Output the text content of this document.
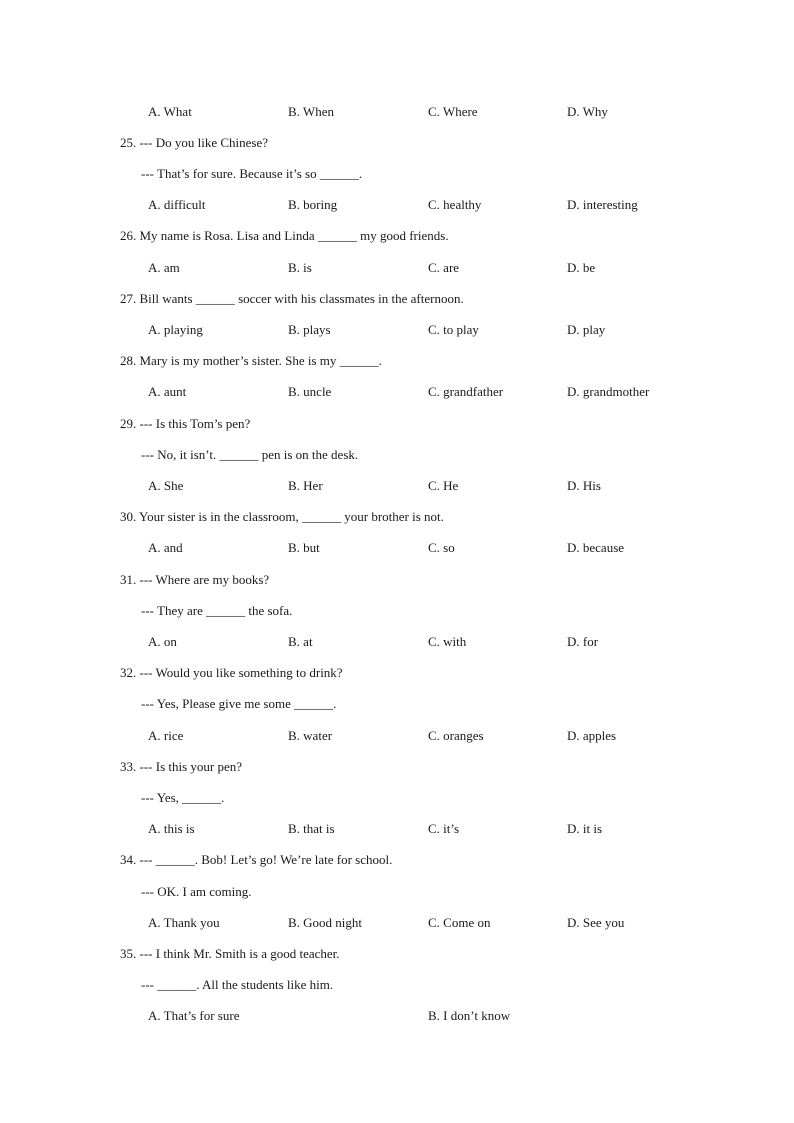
A. What	B. When	C. Where	D. Why
25. --- Do you like Chinese?
--- That’s for sure. Because it’s so ______.
A. difficult	B. boring	C. healthy	D. interesting
26. My name is Rosa. Lisa and Linda ______ my good friends.
A. am	B. is	C. are	D. be
27. Bill wants ______ soccer with his classmates in the afternoon.
A. playing	B. plays	C. to play	D. play
28. Mary is my mother’s sister. She is my ______.
A. aunt	B. uncle	C. grandfather	D. grandmother
29. --- Is this Tom’s pen?
--- No, it isn’t. ______ pen is on the desk.
A. She	B. Her	C. He	D. His
30. Your sister is in the classroom, ______ your brother is not.
A. and	B. but	C. so	D. because
31. --- Where are my books?
--- They are ______ the sofa.
A. on	B. at	C. with	D. for
32. --- Would you like something to drink?
--- Yes, Please give me some ______.
A. rice	B. water	C. oranges	D. apples
33. --- Is this your pen?
--- Yes, ______.
A. this is	B. that is	C. it’s	D. it is
34. --- ______. Bob! Let’s go! We’re late for school.
--- OK. I am coming.
A. Thank you	B. Good night	C. Come on	D. See you
35. --- I think Mr. Smith is a good teacher.
--- ______. All the students like him.
A. That’s for sure	B. I don’t know
